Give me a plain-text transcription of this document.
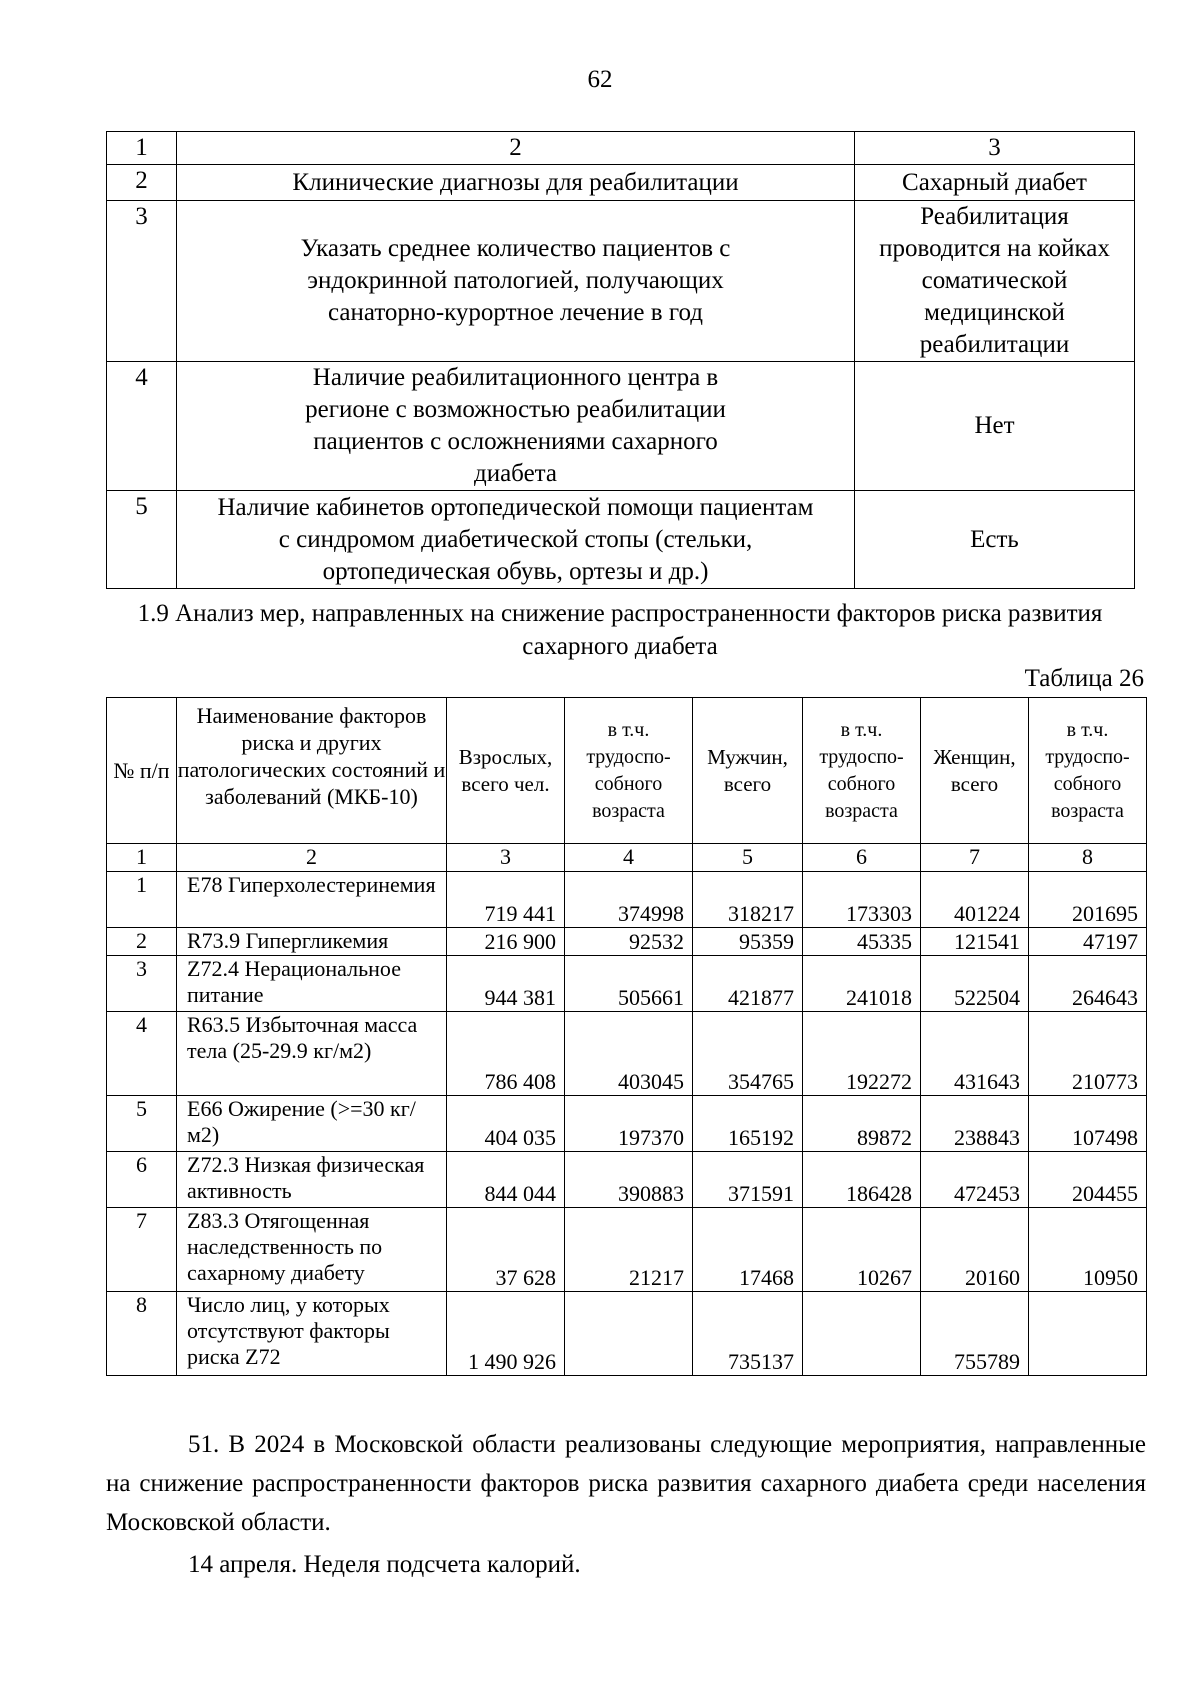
62
1	2	3
2	Клинические диагнозы для реабилитации	Сахарный диабет
3	Указать среднее количество пациентов с эндокринной патологией, получающих санаторно-курортное лечение в год	Реабилитация проводится на койках соматической медицинской реабилитации
4	Наличие реабилитационного центра в регионе с возможностью реабилитации пациентов с осложнениями сахарного диабета	Нет
5	Наличие кабинетов ортопедической помощи пациентам с синдромом диабетической стопы (стельки, ортопедическая обувь, ортезы и др.)	Есть
1.9 Анализ мер, направленных на снижение распространенности факторов риска развития сахарного диабета
Таблица 26
№ п/п	Наименование факторов риска и других патологических состояний и заболеваний (МКБ-10)	Взрослых, всего чел.	в т.ч. трудоспо-собного возраста	Мужчин, всего	в т.ч. трудоспо-собного возраста	Женщин, всего	в т.ч. трудоспо-собного возраста
1	2	3	4	5	6	7	8
1	E78 Гиперхолестеринемия	719 441	374998	318217	173303	401224	201695
2	R73.9 Гипергликемия	216 900	92532	95359	45335	121541	47197
3	Z72.4 Нерациональное питание	944 381	505661	421877	241018	522504	264643
4	R63.5 Избыточная масса тела (25-29.9 кг/м2)	786 408	403045	354765	192272	431643	210773
5	E66 Ожирение (>=30 кг/м2)	404 035	197370	165192	89872	238843	107498
6	Z72.3 Низкая физическая активность	844 044	390883	371591	186428	472453	204455
7	Z83.3 Отягощенная наследственность по сахарному диабету	37 628	21217	17468	10267	20160	10950
8	Число лиц, у которых отсутствуют факторы риска Z72	1 490 926		735137		755789	
51. В 2024 в Московской области реализованы следующие мероприятия, направленные на снижение распространенности факторов риска развития сахарного диабета среди населения Московской области.
14 апреля. Неделя подсчета калорий.
